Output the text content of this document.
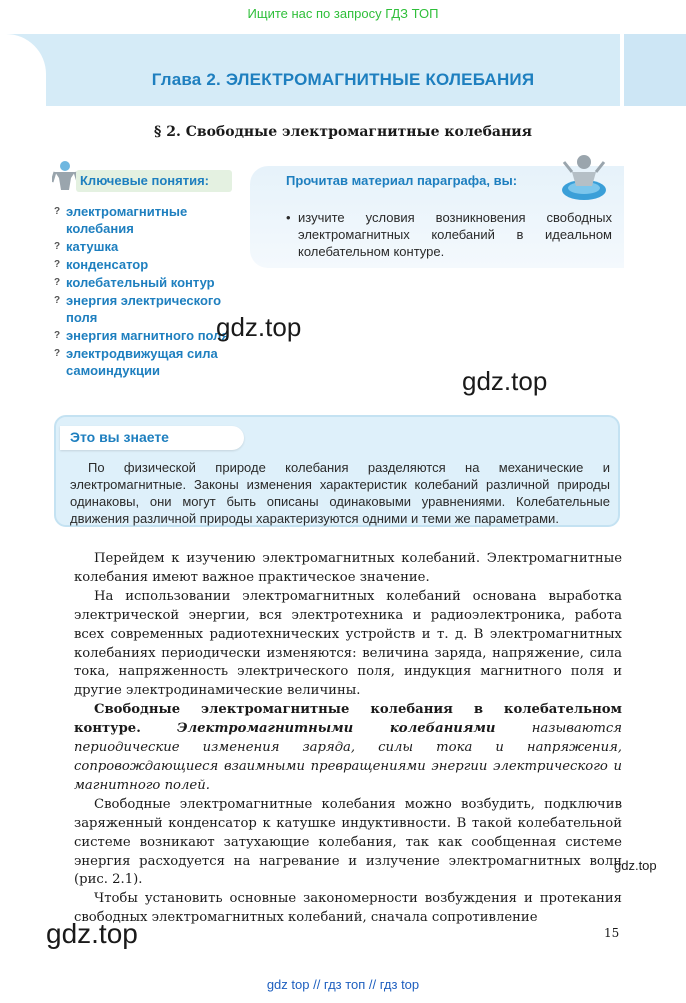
Ищите нас по запросу ГДЗ ТОП
Глава 2. ЭЛЕКТРОМАГНИТНЫЕ КОЛЕБАНИЯ
§ 2. Свободные электромагнитные колебания
Ключевые понятия:
? электромагнитные колебания
? катушка
? конденсатор
? колебательный контур
? энергия электрического поля
? энергия магнитного поля
? электродвижущая сила самоиндукции
Прочитав материал параграфа, вы:
• изучите условия возникновения свободных электромагнитных колебаний в идеальном колебательном контуре.
gdz.top
gdz.top
Это вы знаете
По физической природе колебания разделяются на механические и электромагнитные. Законы изменения характеристик колебаний различной природы одинаковы, они могут быть описаны одинаковыми уравнениями. Колебательные движения различной природы характеризуются одними и теми же параметрами.

Перейдем к изучению электромагнитных колебаний. Электромагнитные колебания имеют важное практическое значение.

На использовании электромагнитных колебаний основана выработка электрической энергии, вся электротехника и радиоэлектроника, работа всех современных радиотехнических устройств и т. д. В электромагнитных колебаниях периодически изменяются: величина заряда, напряжение, сила тока, напряженность электрического поля, индукция магнитного поля и другие электродинамические величины.

Свободные электромагнитные колебания в колебательном контуре.	Электромагнитными колебаниями называются периодические изменения заряда, силы тока и напряжения, сопровождающиеся взаимными превращениями энергии электрического и магнитного полей.

Свободные электромагнитные колебания можно возбудить, подключив заряженный конденсатор к катушке индуктивности. В такой колебательной системе возникают затухающие колебания, так как сообщенная системе энергия расходуется на нагревание и излучение электромагнитных волн (рис. 2.1).

Чтобы установить основные закономерности возбуждения и протекания свободных электромагнитных колебаний, сначала сопротивление

gdz.top
gdz.top	15
gdz top // гдз топ // гдз top
